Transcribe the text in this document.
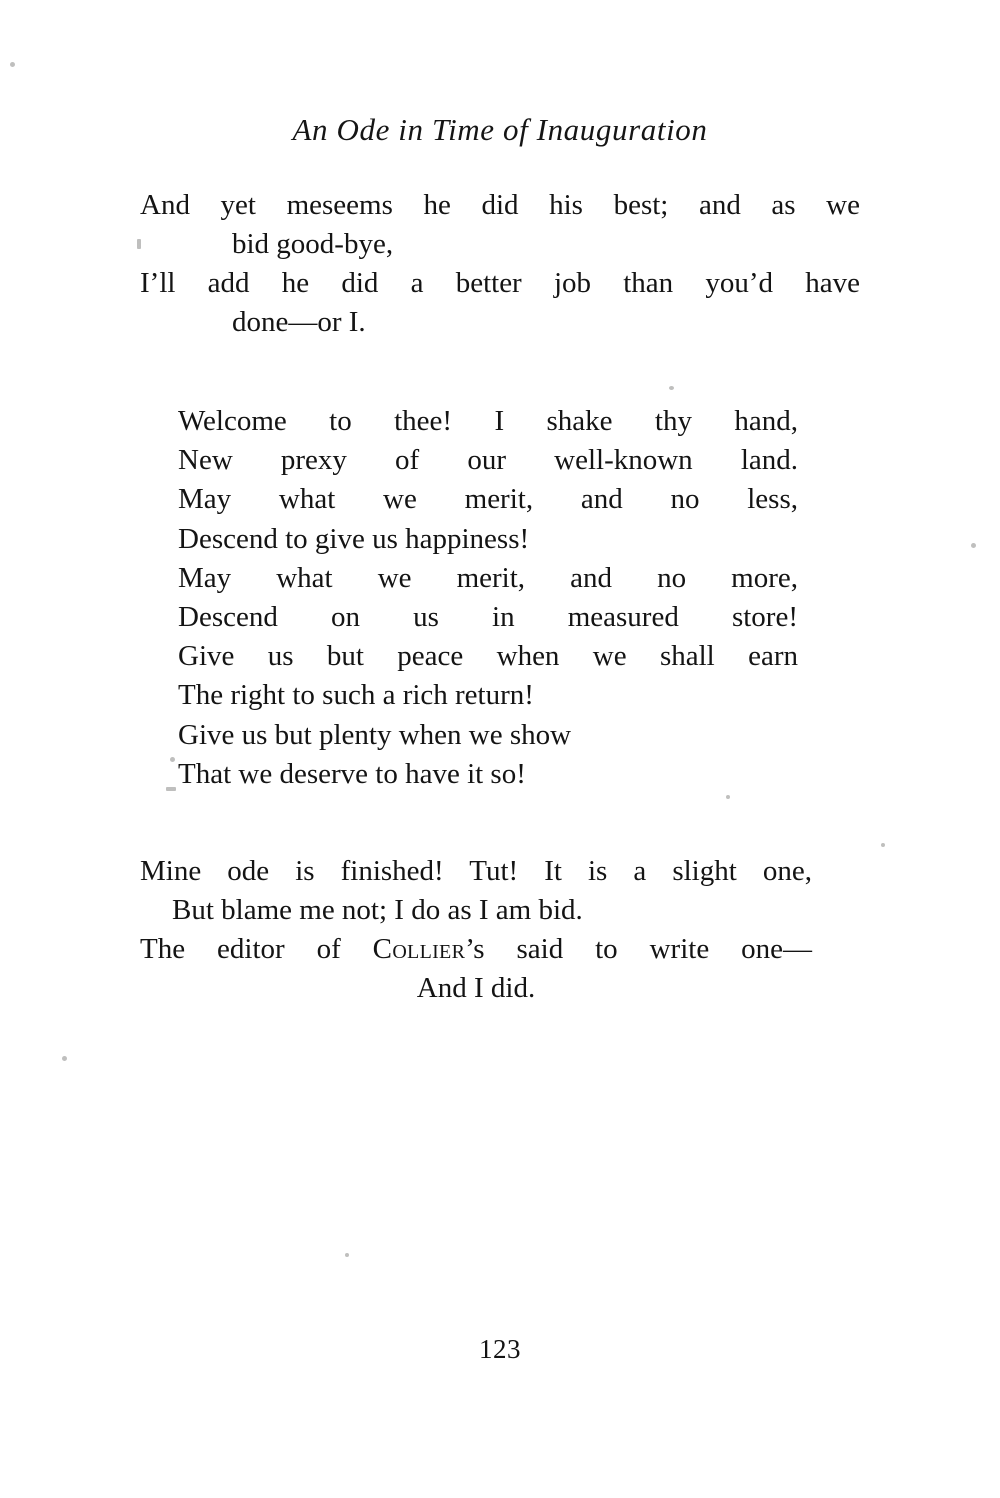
An Ode in Time of Inauguration
And yet meseems he did his best; and as we
bid good-bye,
I’ll add he did a better job than you’d have
done—or I.
Welcome to thee! I shake thy hand,
New prexy of our well-known land.
May what we merit, and no less,
Descend to give us happiness!
May what we merit, and no more,
Descend on us in measured store!
Give us but peace when we shall earn
The right to such a rich return!
Give us but plenty when we show
That we deserve to have it so!
Mine ode is finished! Tut! It is a slight one,
But blame me not; I do as I am bid.
The editor of Collier’s said to write one—
And I did.
123
